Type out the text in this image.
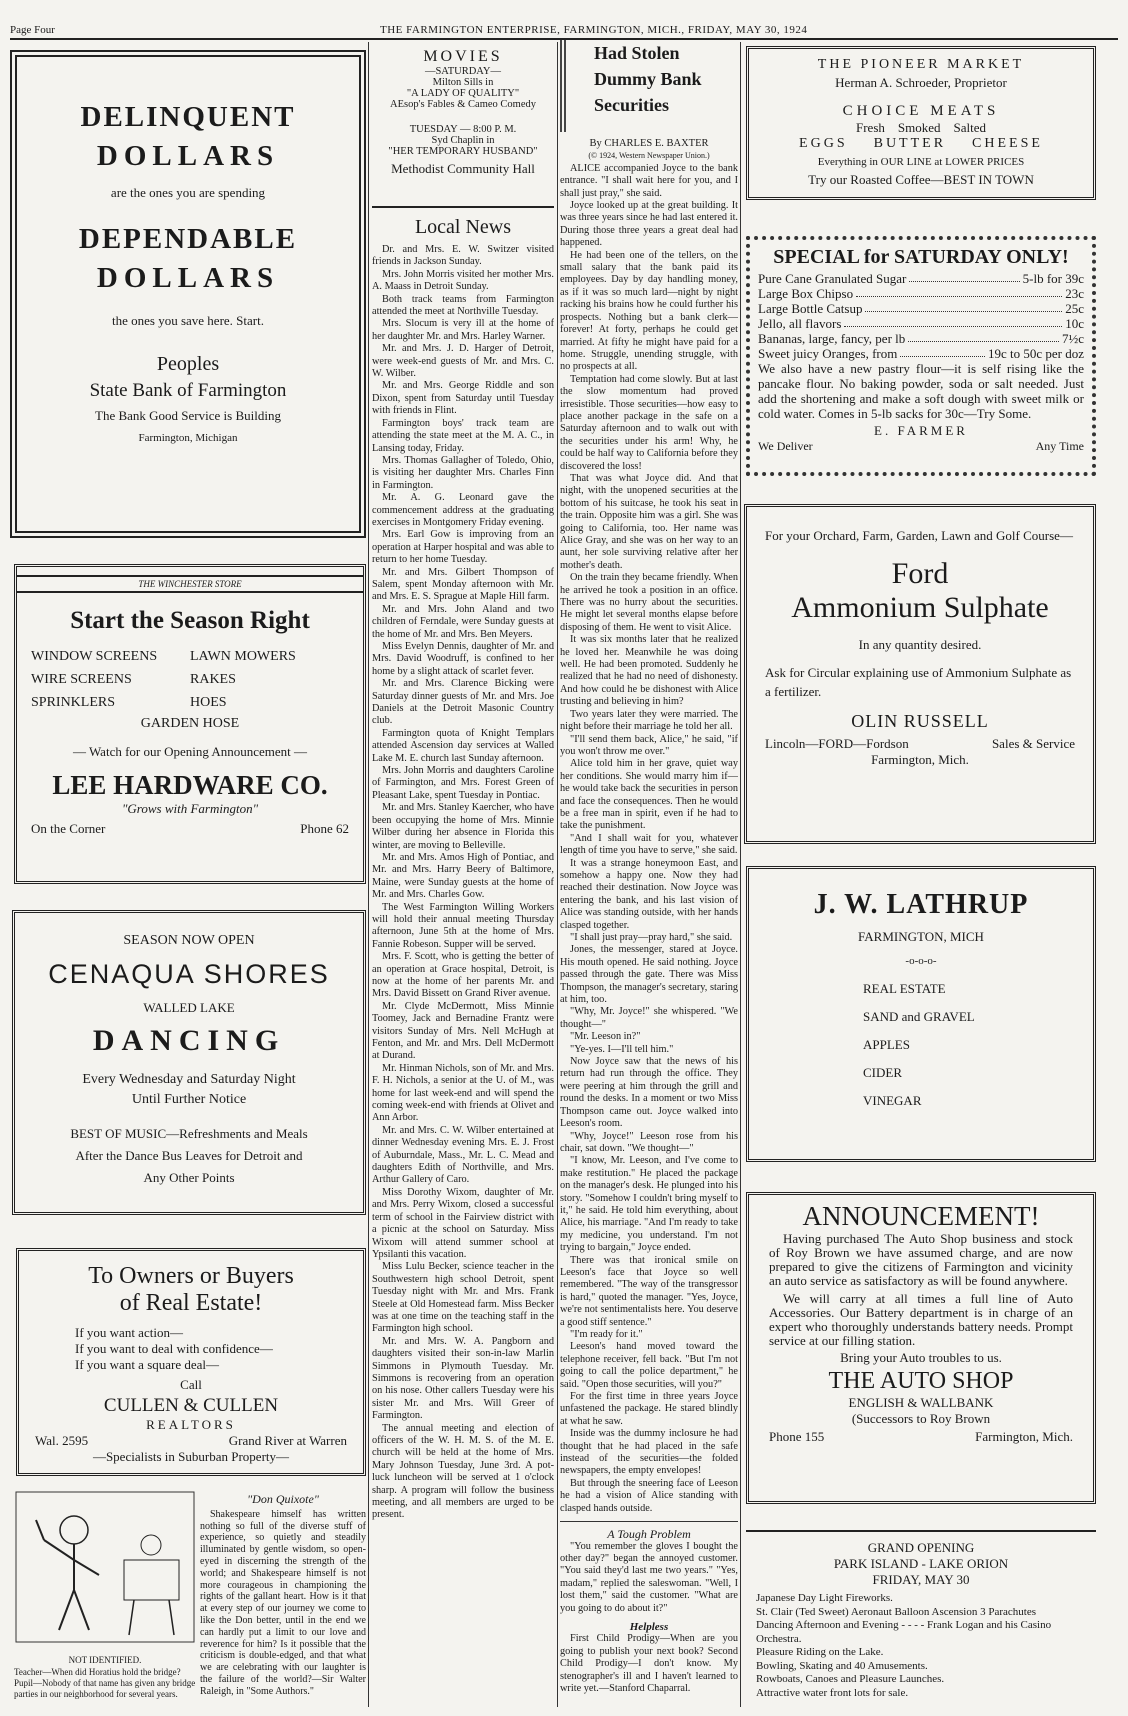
Page Four	THE FARMINGTON ENTERPRISE, FARMINGTON, MICH., FRIDAY, MAY 30, 1924
DELINQUENT
DOLLARS
are the ones you are spending
DEPENDABLE
DOLLARS
the ones you save here. Start.
Peoples
State Bank of Farmington
The Bank Good Service is Building
Farmington, Michigan
THE WINCHESTER STORE
Start the Season Right
WINDOW SCREENS	LAWN MOWERS
WIRE SCREENS	RAKES
SPRINKLERS	HOES
GARDEN HOSE
— Watch for our Opening Announcement —
LEE HARDWARE CO.
"Grows with Farmington"
On the Corner	Phone 62
SEASON NOW OPEN
CENAQUA SHORES
WALLED LAKE
DANCING
Every Wednesday and Saturday Night
Until Further Notice
BEST OF MUSIC—Refreshments and Meals
After the Dance Bus Leaves for Detroit and
Any Other Points
To Owners or Buyers
of Real Estate!
If you want action—
If you want to deal with confidence—
If you want a square deal—
Call
CULLEN & CULLEN
REALTORS
Wal. 2595	Grand River at Warren
—Specialists in Suburban Property—
NOT IDENTIFIED.
Teacher—When did Horatius hold the bridge? Pupil—Nobody of that name has given any bridge parties in our neighborhood for several years.
"Don Quixote"

Shakespeare himself has written nothing so full of the diverse stuff of experience, so quietly and steadily illuminated by gentle wisdom, so open-eyed in discerning the strength of the world; and Shakespeare himself is not more courageous in championing the rights of the gallant heart. How is it that at every step of our journey we come to like the Don better, until in the end we can hardly put a limit to our love and reverence for him? Is it possible that the criticism is double-edged, and that what we are celebrating with our laughter is the failure of the world?—Sir Walter Raleigh, in "Some Authors."

MOVIES
—SATURDAY—
Milton Sills in
"A LADY OF QUALITY"
AEsop's Fables & Cameo Comedy
TUESDAY — 8:00 P. M.
Syd Chaplin in
"HER TEMPORARY HUSBAND"
Methodist Community Hall
Local News

Dr. and Mrs. E. W. Switzer visited friends in Jackson Sunday.

Mrs. John Morris visited her mother Mrs. A. Maass in Detroit Sunday.

Both track teams from Farmington attended the meet at Northville Tuesday.

Mrs. Slocum is very ill at the home of her daughter Mr. and Mrs. Harley Warner.

Mr. and Mrs. J. D. Harger of Detroit, were week-end guests of Mr. and Mrs. C. W. Wilber.

Mr. and Mrs. George Riddle and son Dixon, spent from Saturday until Tuesday with friends in Flint.

Farmington boys' track team are attending the state meet at the M. A. C., in Lansing today, Friday.

Mrs. Thomas Gallagher of Toledo, Ohio, is visiting her daughter Mrs. Charles Finn in Farmington.

Mr. A. G. Leonard gave the commencement address at the graduating exercises in Montgomery Friday evening.

Mrs. Earl Gow is improving from an operation at Harper hospital and was able to return to her home Tuesday.

Mr. and Mrs. Gilbert Thompson of Salem, spent Monday afternoon with Mr. and Mrs. E. S. Sprague at Maple Hill farm.

Mr. and Mrs. John Aland and two children of Ferndale, were Sunday guests at the home of Mr. and Mrs. Ben Meyers.

Miss Evelyn Dennis, daughter of Mr. and Mrs. David Woodruff, is confined to her home by a slight attack of scarlet fever.

Mr. and Mrs. Clarence Bicking were Saturday dinner guests of Mr. and Mrs. Joe Daniels at the Detroit Masonic Country club.

Farmington quota of Knight Templars attended Ascension day services at Walled Lake M. E. church last Sunday afternoon.

Mrs. John Morris and daughters Caroline of Farmington, and Mrs. Forest Green of Pleasant Lake, spent Tuesday in Pontiac.

Mr. and Mrs. Stanley Kaercher, who have been occupying the home of Mrs. Minnie Wilber during her absence in Florida this winter, are moving to Belleville.

Mr. and Mrs. Amos High of Pontiac, and Mr. and Mrs. Harry Beery of Baltimore, Maine, were Sunday guests at the home of Mr. and Mrs. Charles Gow.

The West Farmington Willing Workers will hold their annual meeting Thursday afternoon, June 5th at the home of Mrs. Fannie Robeson. Supper will be served.

Mrs. F. Scott, who is getting the better of an operation at Grace hospital, Detroit, is now at the home of her parents Mr. and Mrs. David Bissett on Grand River avenue.

Mr. Clyde McDermott, Miss Minnie Toomey, Jack and Bernadine Frantz were visitors Sunday of Mrs. Nell McHugh at Fenton, and Mr. and Mrs. Dell McDermott at Durand.

Mr. Hinman Nichols, son of Mr. and Mrs. F. H. Nichols, a senior at the U. of M., was home for last week-end and will spend the coming week-end with friends at Olivet and Ann Arbor.

Mr. and Mrs. C. W. Wilber entertained at dinner Wednesday evening Mrs. E. J. Frost of Auburndale, Mass., Mr. L. C. Mead and daughters Edith of Northville, and Mrs. Arthur Gallery of Caro.

Miss Dorothy Wixom, daughter of Mr. and Mrs. Perry Wixom, closed a successful term of school in the Fairview district with a picnic at the school on Saturday. Miss Wixom will attend summer school at Ypsilanti this vacation.

Miss Lulu Becker, science teacher in the Southwestern high school Detroit, spent Tuesday night with Mr. and Mrs. Frank Steele at Old Homestead farm. Miss Becker was at one time on the teaching staff in the Farmington high school.

Mr. and Mrs. W. A. Pangborn and daughters visited their son-in-law Marlin Simmons in Plymouth Tuesday. Mr. Simmons is recovering from an operation on his nose. Other callers Tuesday were his sister Mr. and Mrs. Will Greer of Farmington.

The annual meeting and election of officers of the W. H. M. S. of the M. E. church will be held at the home of Mrs. Mary Johnson Tuesday, June 3rd. A pot-luck luncheon will be served at 1 o'clock sharp. A program will follow the business meeting, and all members are urged to be present.

Had Stolen
Dummy Bank
Securities
By CHARLES E. BAXTER
(© 1924, Western Newspaper Union.)

ALICE accompanied Joyce to the bank entrance. "I shall wait here for you, and I shall just pray," she said.

Joyce looked up at the great building. It was three years since he had last entered it. During those three years a great deal had happened.

He had been one of the tellers, on the small salary that the bank paid its employees. Day by day handling money, as if it was so much lard—night by night racking his brains how he could further his prospects. Nothing but a bank clerk—forever! At forty, perhaps he could get married. At fifty he might have paid for a home. Struggle, unending struggle, with no prospects at all.

Temptation had come slowly. But at last the slow momentum had proved irresistible. Those securities—how easy to place another package in the safe on a Saturday afternoon and to walk out with the securities under his arm! Why, he could be half way to California before they discovered the loss!

That was what Joyce did. And that night, with the unopened securities at the bottom of his suitcase, he took his seat in the train. Opposite him was a girl. She was going to California, too. Her name was Alice Gray, and she was on her way to an aunt, her sole surviving relative after her mother's death.

On the train they became friendly. When he arrived he took a position in an office. There was no hurry about the securities. He might let several months elapse before disposing of them. He went to visit Alice.

It was six months later that he realized he loved her. Meanwhile he was doing well. He had been promoted. Suddenly he realized that he had no need of dishonesty. And how could he be dishonest with Alice trusting and believing in him?

Two years later they were married. The night before their marriage he told her all.

"I'll send them back, Alice," he said, "if you won't throw me over."

Alice told him in her grave, quiet way her conditions. She would marry him if—he would take back the securities in person and face the consequences. Then he would be a free man in spirit, even if he had to take the punishment.

"And I shall wait for you, whatever length of time you have to serve," she said.

It was a strange honeymoon East, and somehow a happy one. Now they had reached their destination. Now Joyce was entering the bank, and his last vision of Alice was standing outside, with her hands clasped together.

"I shall just pray—pray hard," she said.

Jones, the messenger, stared at Joyce. His mouth opened. He said nothing. Joyce passed through the gate. There was Miss Thompson, the manager's secretary, staring at him, too.

"Why, Mr. Joyce!" she whispered. "We thought—"

"Mr. Leeson in?"

"Ye-yes. I—I'll tell him."

Now Joyce saw that the news of his return had run through the office. They were peering at him through the grill and round the desks. In a moment or two Miss Thompson came out. Joyce walked into Leeson's room.

"Why, Joyce!" Leeson rose from his chair, sat down. "We thought—"

"I know, Mr. Leeson, and I've come to make restitution." He placed the package on the manager's desk. He plunged into his story. "Somehow I couldn't bring myself to it," he said. He told him everything, about Alice, his marriage. "And I'm ready to take my medicine, you understand. I'm not trying to bargain," Joyce ended.

There was that ironical smile on Leeson's face that Joyce so well remembered. "The way of the transgressor is hard," quoted the manager. "Yes, Joyce, we're not sentimentalists here. You deserve a good stiff sentence."

"I'm ready for it."

Leeson's hand moved toward the telephone receiver, fell back. "But I'm not going to call the police department," he said. "Open those securities, will you?"

For the first time in three years Joyce unfastened the package. He stared blindly at what he saw.

Inside was the dummy inclosure he had thought that he had placed in the safe instead of the securities—the folded newspapers, the empty envelopes!

But through the sneering face of Leeson he had a vision of Alice standing with clasped hands outside.

A Tough Problem

"You remember the gloves I bought the other day?" began the annoyed customer. "You said they'd last me two years." "Yes, madam," replied the saleswoman. "Well, I lost them," said the customer. "What are you going to do about it?"

Helpless

First Child Prodigy—When are you going to publish your next book? Second Child Prodigy—I don't know. My stenographer's ill and I haven't learned to write yet.—Stanford Chaparral.

THE PIONEER MARKET
Herman A. Schroeder, Proprietor
CHOICE MEATS
Fresh    Smoked    Salted
EGGS    BUTTER    CHEESE
Everything in OUR LINE at LOWER PRICES
Try our Roasted Coffee—BEST IN TOWN
SPECIAL for SATURDAY ONLY!
Pure Cane Granulated Sugar	5-lb for 39c
Large Box Chipso	23c
Large Bottle Catsup	25c
Jello, all flavors	10c
Bananas, large, fancy, per lb	7½c
Sweet juicy Oranges, from	19c to 50c per doz
We also have a new pastry flour—it is self rising like the pancake flour. No baking powder, soda or salt needed. Just add the shortening and make a soft dough with sweet milk or cold water. Comes in 5-lb sacks for 30c—Try Some.
E. FARMER
We Deliver	Any Time
For your Orchard, Farm, Garden, Lawn and Golf Course—
Ford
Ammonium Sulphate
In any quantity desired.
Ask for Circular explaining use of Ammonium Sulphate as a fertilizer.
OLIN RUSSELL
Lincoln—FORD—Fordson	Sales & Service
Farmington, Mich.
J. W. LATHRUP
FARMINGTON, MICH
-o-o-o-
REAL ESTATE
SAND and GRAVEL
APPLES
CIDER
VINEGAR
ANNOUNCEMENT!

Having purchased The Auto Shop business and stock of Roy Brown we have assumed charge, and are now prepared to give the citizens of Farmington and vicinity an auto service as satisfactory as will be found anywhere.

We will carry at all times a full line of Auto Accessories. Our Battery department is in charge of an expert who thoroughly understands battery needs. Prompt service at our filling station.

Bring your Auto troubles to us.
THE AUTO SHOP
ENGLISH & WALLBANK
(Successors to Roy Brown
Phone 155	Farmington, Mich.
GRAND OPENING
PARK ISLAND - LAKE ORION
FRIDAY, MAY 30
Japanese Day Light Fireworks.
St. Clair (Ted Sweet) Aeronaut Balloon Ascension 3 Parachutes
Dancing Afternoon and Evening - - - - Frank Logan and his Casino Orchestra.
Pleasure Riding on the Lake.
Bowling, Skating and 40 Amusements.
Rowboats, Canoes and Pleasure Launches.
Attractive water front lots for sale.
